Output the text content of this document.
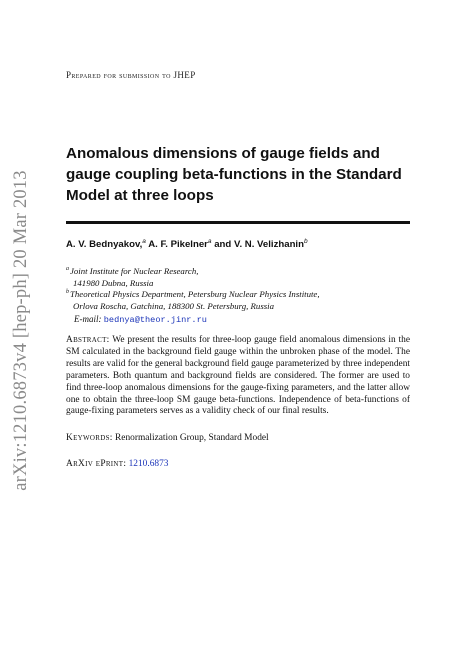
arXiv:1210.6873v4 [hep-ph] 20 Mar 2013
Prepared for submission to JHEP
Anomalous dimensions of gauge fields and gauge coupling beta-functions in the Standard Model at three loops
A. V. Bednyakov,$^a$ A. F. Pikelner$^a$ and V. N. Velizhanin$^b$
$^a$Joint Institute for Nuclear Research,
141980 Dubna, Russia
$^b$Theoretical Physics Department, Petersburg Nuclear Physics Institute,
Orlova Roscha, Gatchina, 188300 St. Petersburg, Russia
E-mail: bednya@theor.jinr.ru

Abstract: We present the results for three-loop gauge field anomalous dimensions in the SM calculated in the background field gauge within the unbroken phase of the model. The results are valid for the general background field gauge parameterized by three independent parameters. Both quantum and background fields are considered. The former are used to find three-loop anomalous dimensions for the gauge-fixing parameters, and the latter allow one to obtain the three-loop SM gauge beta-functions. Independence of beta-functions of gauge-fixing parameters serves as a validity check of our final results.

Keywords: Renormalization Group, Standard Model
ArXiv ePrint: 1210.6873
